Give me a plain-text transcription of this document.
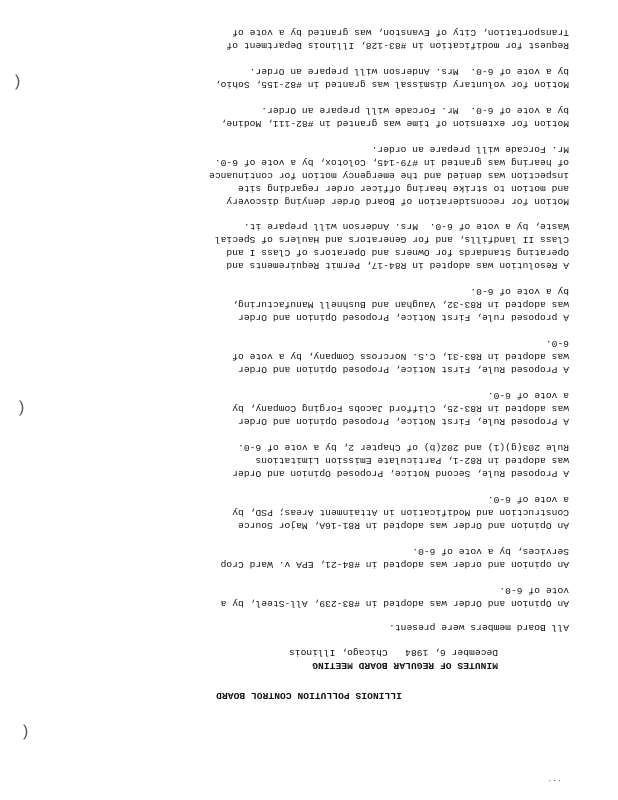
ILLINOIS POLLUTION CONTROL BOARD
MINUTES OF REGULAR BOARD MEETING
December 6, 1984   Chicago, Illinois
All Board members were present.
An Opinion and Order was adopted in #83-239, All-Steel, by a
vote of 6-0.
An opinion and order was adopted in #84-21, EPA v. Ward Crop
Services, by a vote of 6-0.
An Opinion and Order was adopted in R81-16A, Major Source
Construction and Modification in Attainment Areas; PSD, by
a vote of 6-0.
A Proposed Rule, Second Notice, Proposed Opinion and Order
was adopted in R82-1, Particulate Emission Limitations
Rule 203(g)(1) and 202(b) of Chapter 2, by a vote of 6-0.
A Proposed Rule, First Notice, Proposed Opinion and Order
was adopted in R83-25, Clifford Jacobs Forging Company, by
a vote of 6-0.
A Proposed Rule, First Notice, Proposed Opinion and Order
was adopted in R83-31, C.S. Norcross Company, by a vote of
6-0.
A proposed rule, First Notice, Proposed Opinion and Order
was adopted in R83-32, Vaughan and Bushnell Manufacturing,
by a vote of 6-0.
A Resolution was adopted in R84-17, Permit Requirements and
Operating Standards for Owners and Operators of Class I and
Class II landfills, and for Generators and Haulers of Special
Waste, by a vote of 6-0.  Mrs. Anderson will prepare it.
Motion for reconsideration of Board Order denying discovery
and motion to strike hearing officer order regarding site
inspection was denied and the emergency motion for continuance
of hearing was granted in #79-145, Colotox, by a vote of 6-0.
Mr. Forcade will prepare an order.
Motion for extension of time was granted in #82-111, Modine,
by a vote of 6-0.  Mr. Forcade will prepare an Order.
Motion for voluntary dismissal was granted in #82-155, Sohio,
by a vote of 6-0.  Mrs. Anderson will prepare an Order.
Request for modification in #83-128, Illinois Department of
Transportation, City of Evanston, was granted by a vote of
...
(
(
(
